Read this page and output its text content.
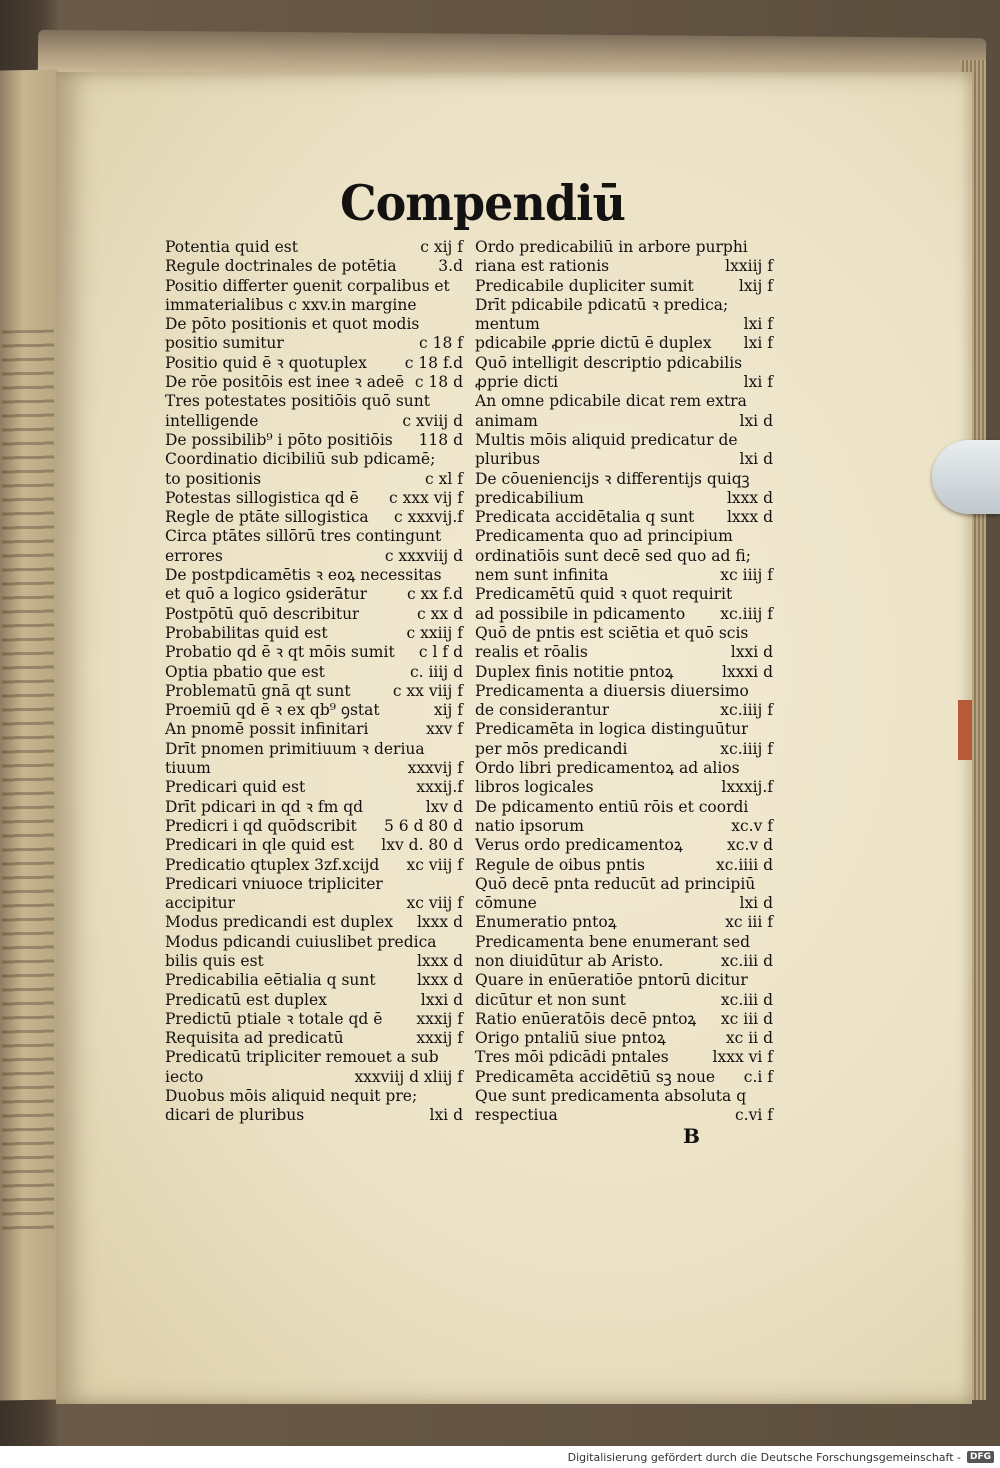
Compendiū
Potentia quid est	c xij f
Regule doctrinales de potētia	3.d
Positio differter ꝯuenit corpalibus et
immaterialibus c xxv.in margine
De pōto positionis et quot modis
positio sumitur	c 18 f
Positio quid ē ꝛ quotuplex	c 18 f.d
De rōe positōis est inee ꝛ adeē c 18 d
Tres potestates positiōis quō sunt
intelligende	c xviij d
De possibilib⁹ i pōto positiōis	118 d
Coordinatio dicibiliū sub pdicamē;
to positionis	c xl f
Potestas sillogistica qd ē	c xxx vij f
Regle de ptāte sillogistica	c xxxvij.f
Circa ptātes sillōrū tres contingunt
errores	c xxxviij d
De postpdicamētis ꝛ eoꝝ necessitas
et quō a logico ꝯsiderātur	c xx f.d
Postpōtū quō describitur	c xx d
Probabilitas quid est	c xxiij f
Probatio qd ē ꝛ qt mōis sumit	c l f d
Optia pbatio que est	c. iiij d
Problematū gnā qt sunt	c xx viij f
Proemiū qd ē ꝛ ex qb⁹ ꝯstat	xij f
An pnomē possit infinitari	xxv f
Drīt pnomen primitiuum ꝛ deriua
tiuum	xxxvij f
Predicari quid est	xxxij.f
Drīt pdicari in qd ꝛ fm qd	lxv d
Predicri i qd quōdscribit	5 6 d 80 d
Predicari in qle quid est	lxv d. 80 d
Predicatio qtuplex 3zf.xcijd	xc viij f
Predicari vniuoce tripliciter
accipitur	xc viij f
Modus predicandi est duplex	lxxx d
Modus pdicandi cuiuslibet predica
bilis quis est	lxxx d
Predicabilia eētialia q sunt	lxxx d
Predicatū est duplex	lxxi d
Predictū ptiale ꝛ totale qd ē	xxxij f
Requisita ad predicatū	xxxij f
Predicatū tripliciter remouet a sub
iecto	xxxviij d xliij f
Duobus mōis aliquid nequit pre;
dicari de pluribus	lxi d
Ordo predicabiliū in arbore purphi
riana est rationis	lxxiij f
Predicabile dupliciter sumit	lxij f
Drīt pdicabile pdicatū ꝛ predica;
mentum	lxi f
pdicabile ꝓprie dictū ē duplex	lxi f
Quō intelligit descriptio pdicabilis
ꝓprie dicti	lxi f
An omne pdicabile dicat rem extra
animam	lxi d
Multis mōis aliquid predicatur de
pluribus	lxi d
De cōueniencijs ꝛ differentijs quiqꝫ
predicabilium	lxxx d
Predicata accidētalia q sunt	lxxx d
Predicamenta quo ad principium
ordinatiōis sunt decē sed quo ad fi;
nem sunt infinita	xc iiij f
Predicamētū quid ꝛ quot requirit
ad possibile in pdicamento	xc.iiij f
Quō de pntis est sciētia et quō scis
realis et rōalis	lxxi d
Duplex finis notitie pntoꝝ	lxxxi d
Predicamenta a diuersis diuersimo
de considerantur	xc.iiij f
Predicamēta in logica distinguūtur
per mōs predicandi	xc.iiij f
Ordo libri predicamentoꝝ ad alios
libros logicales	lxxxij.f
De pdicamento entiū rōis et coordi
natio ipsorum	xc.v f
Verus ordo predicamentoꝝ	xc.v d
Regule de oibus pntis	xc.iiii d
Quō decē pnta reducūt ad principiū
cōmune	lxi d
Enumeratio pntoꝝ	xc iii f
Predicamenta bene enumerant sed
non diuidūtur ab Aristo.	xc.iii d
Quare in enūeratiōe pntorū dicitur
dicūtur et non sunt	xc.iii d
Ratio enūeratōis decē pntoꝝ	xc iii d
Origo pntaliū siue pntoꝝ	xc ii d
Tres mōi pdicādi pntales	lxxx vi f
Predicamēta accidētiū sꝫ noue	c.i f
Que sunt predicamenta absoluta q
respectiua	c.vi f
B
Digitalisierung gefördert durch die Deutsche Forschungsgemeinschaft -	DFG
